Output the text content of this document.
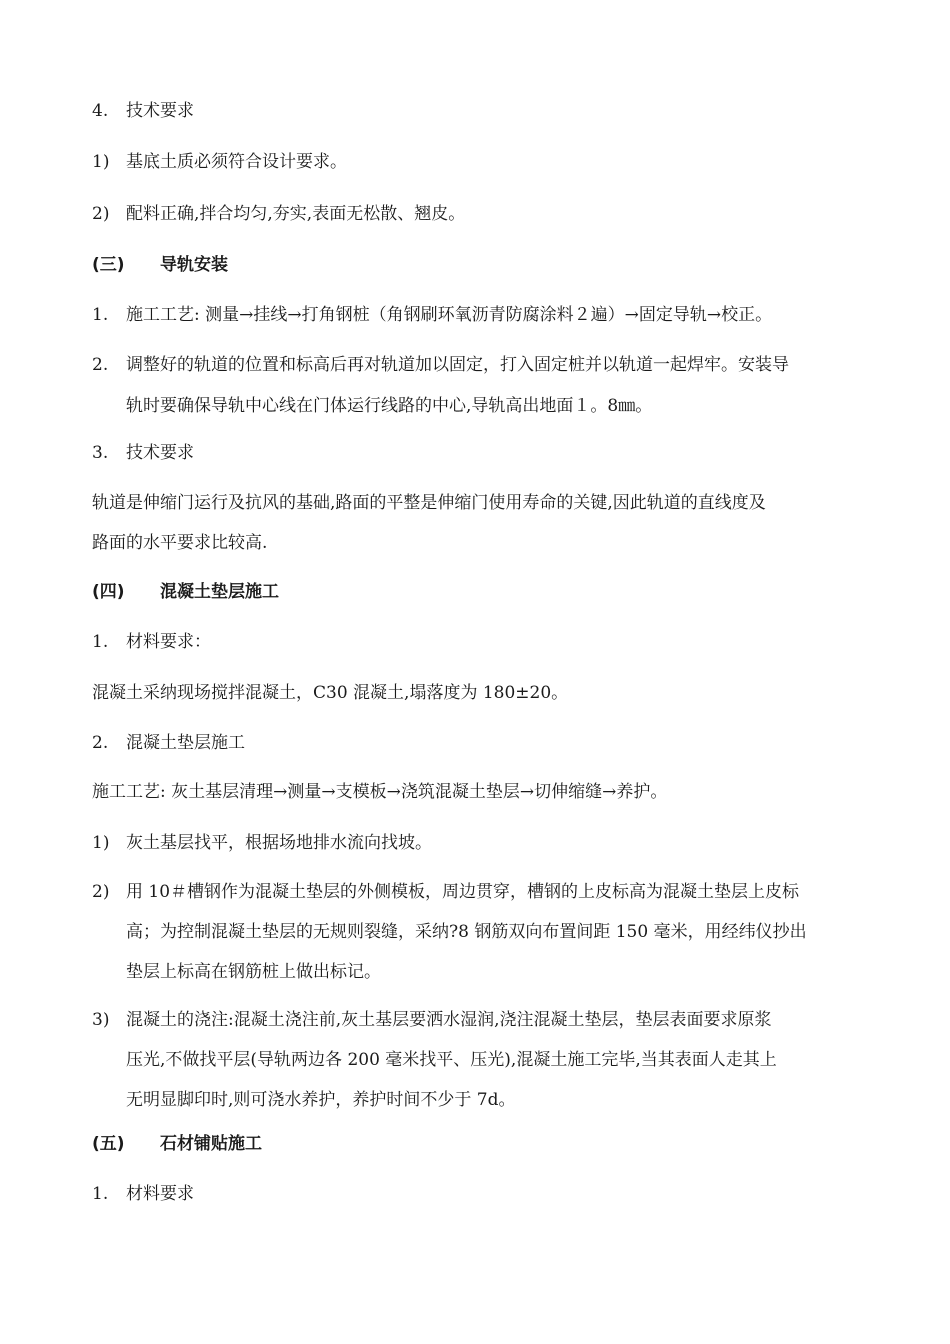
4. 技术要求
1) 基底土质必须符合设计要求。
2) 配料正确,拌合均匀,夯实,表面无松散、翘皮。
(三) 导轨安装
1. 施工工艺: 测量→挂线→打角钢桩（角钢刷环氧沥青防腐涂料２遍）→固定导轨→校正。
2. 调整好的轨道的位置和标高后再对轨道加以固定，打入固定桩并以轨道一起焊牢。安装导
轨时要确保导轨中心线在门体运行线路的中心,导轨高出地面１。8㎜。
3. 技术要求
轨道是伸缩门运行及抗风的基础,路面的平整是伸缩门使用寿命的关键,因此轨道的直线度及
路面的水平要求比较高.
(四) 混凝土垫层施工
1. 材料要求：
混凝土采纳现场搅拌混凝土，C30 混凝土,塌落度为 180±20。
2. 混凝土垫层施工
施工工艺: 灰土基层清理→测量→支模板→浇筑混凝土垫层→切伸缩缝→养护。
1) 灰土基层找平，根据场地排水流向找坡。
2) 用 10＃槽钢作为混凝土垫层的外侧模板，周边贯穿，槽钢的上皮标高为混凝土垫层上皮标
高；为控制混凝土垫层的无规则裂缝，采纳?8 钢筋双向布置间距 150 毫米，用经纬仪抄出
垫层上标高在钢筋桩上做出标记。
3) 混凝土的浇注:混凝土浇注前,灰土基层要洒水湿润,浇注混凝土垫层，垫层表面要求原浆
压光,不做找平层(导轨两边各 200 毫米找平、压光),混凝土施工完毕,当其表面人走其上
无明显脚印时,则可浇水养护，养护时间不少于 7d。
(五) 石材铺贴施工
1. 材料要求
